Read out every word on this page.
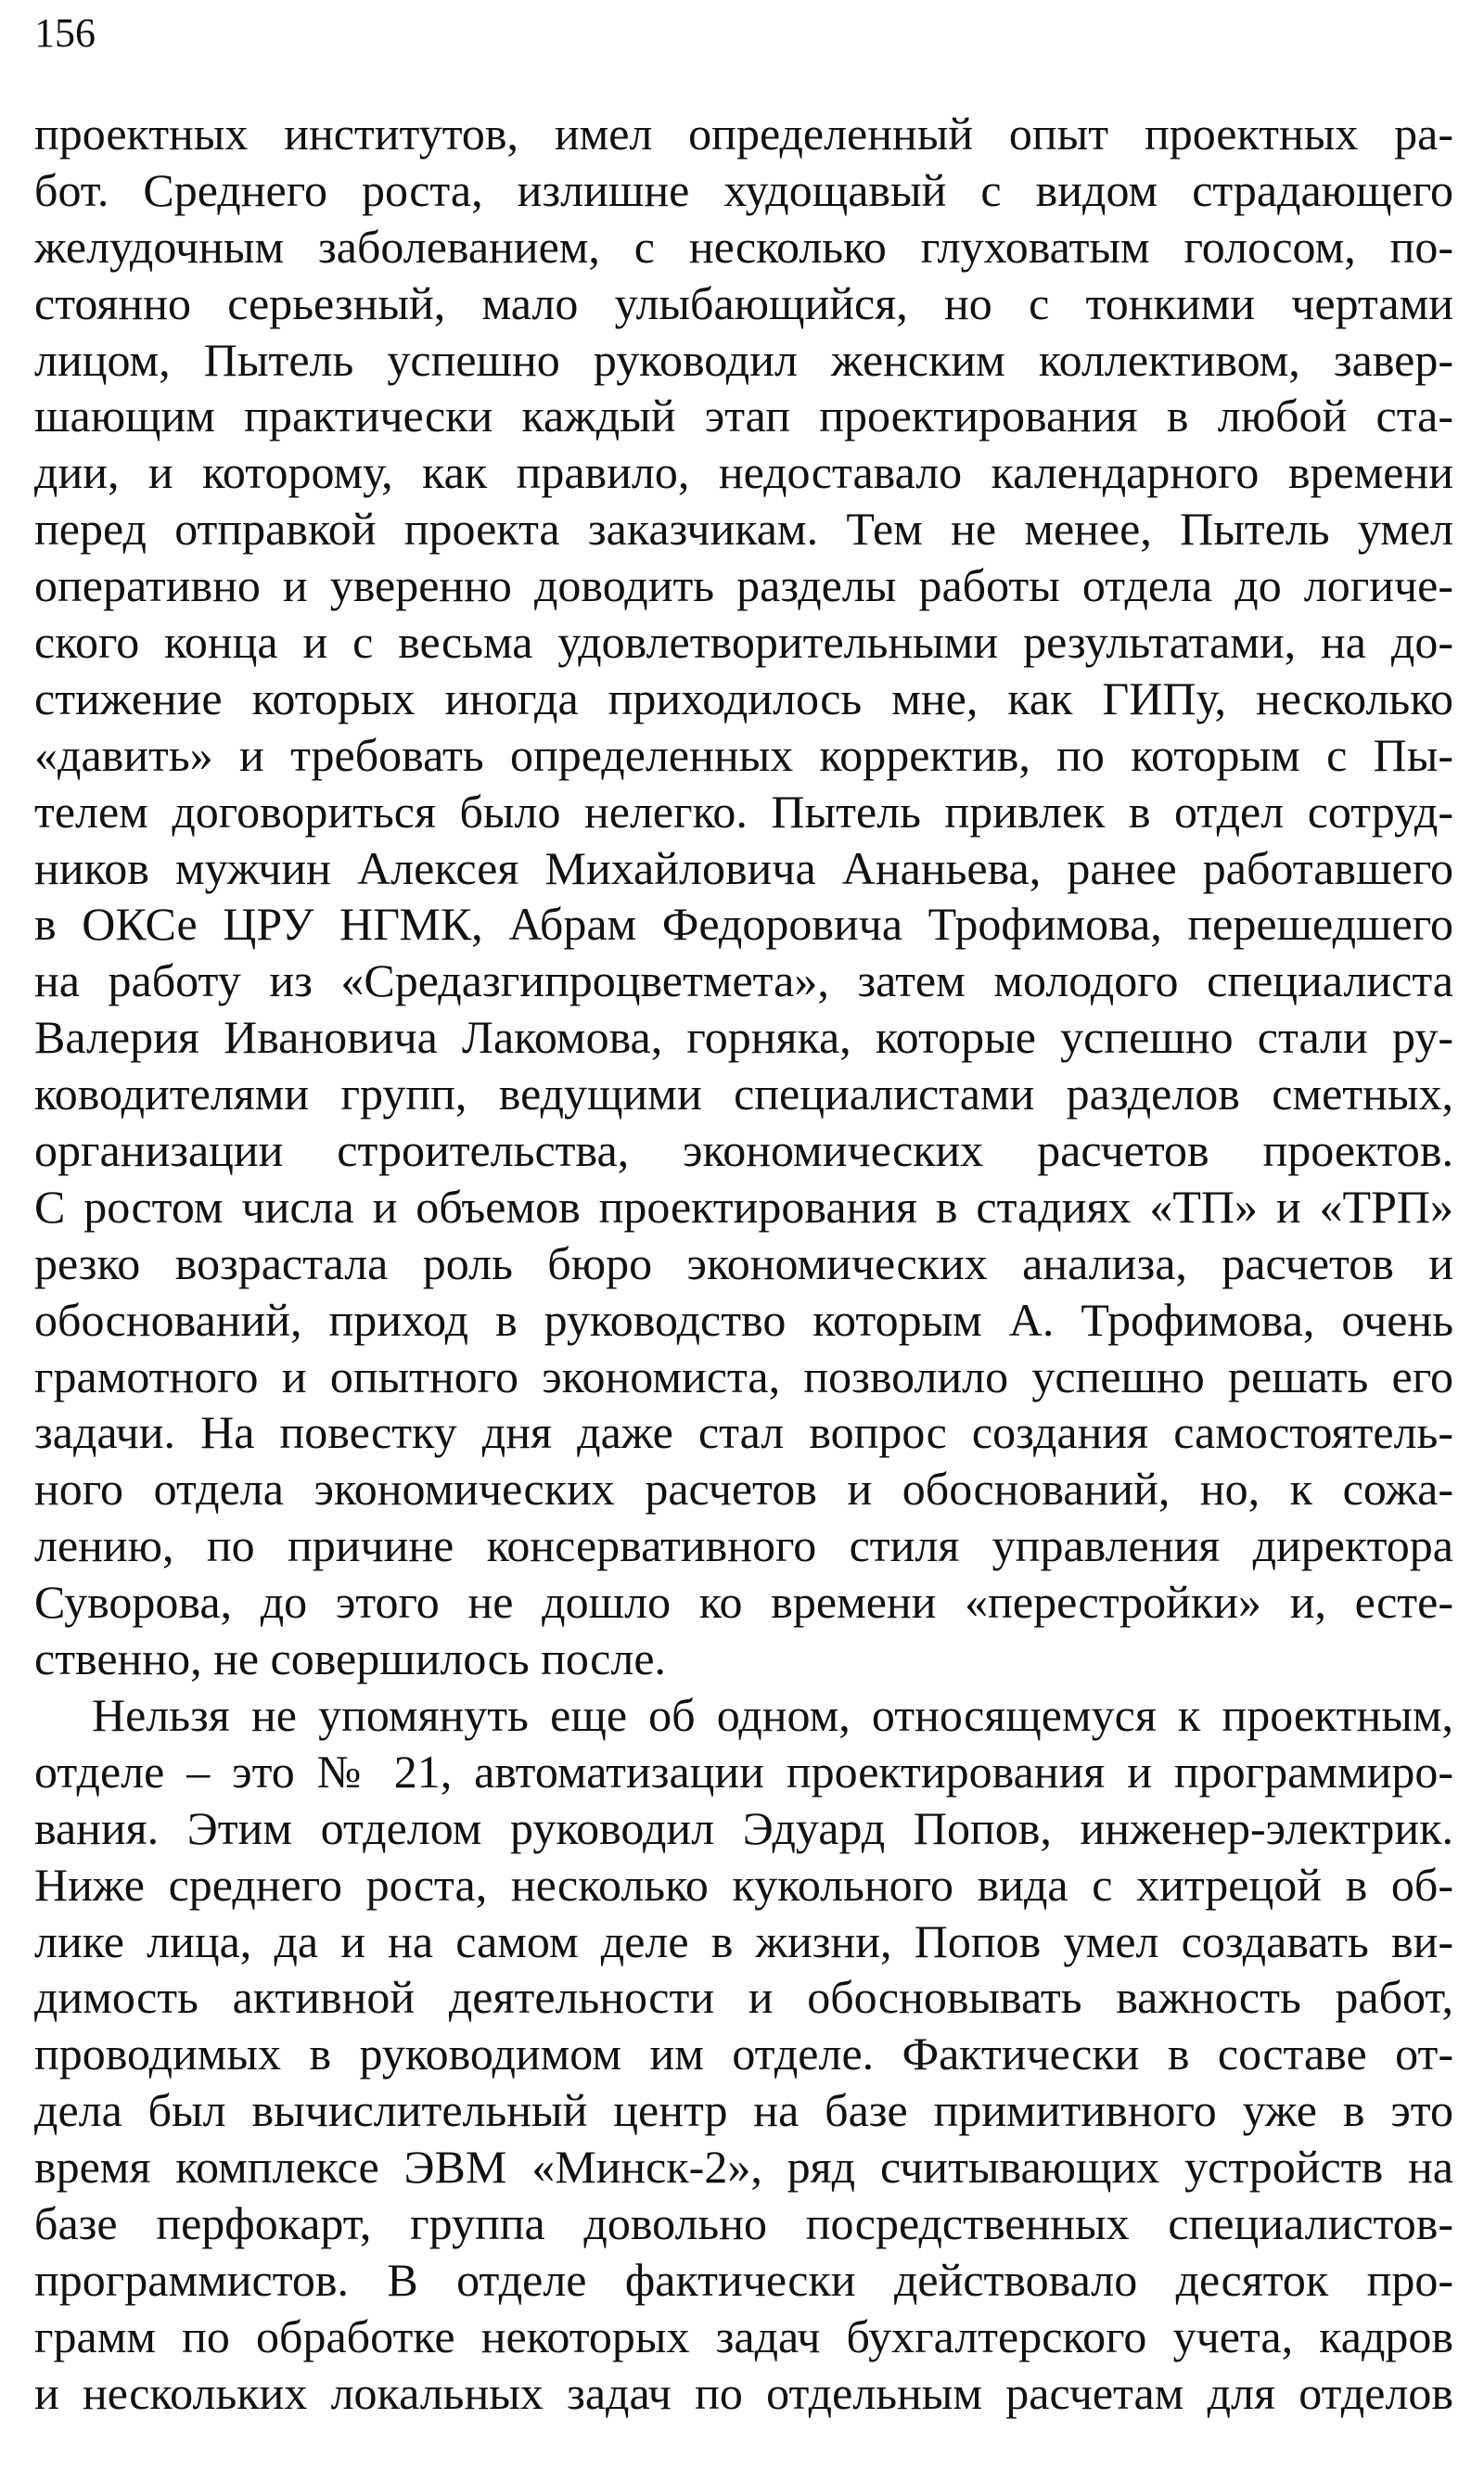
156
проектных институтов, имел определенный опыт проектных ра-
бот. Среднего роста, излишне худощавый с видом страдающего
желудочным заболеванием, с несколько глуховатым голосом, по-
стоянно серьезный, мало улыбающийся, но с тонкими чертами
лицом, Пытель успешно руководил женским коллективом, завер-
шающим практически каждый этап проектирования в любой ста-
дии, и которому, как правило, недоставало календарного времени
перед отправкой проекта заказчикам. Тем не менее, Пытель умел
оперативно и уверенно доводить разделы работы отдела до логиче-
ского конца и с весьма удовлетворительными результатами, на до-
стижение которых иногда приходилось мне, как ГИПу, несколько
«давить» и требовать определенных корректив, по которым с Пы-
телем договориться было нелегко. Пытель привлек в отдел сотруд-
ников мужчин Алексея Михайловича Ананьева, ранее работавшего
в ОКСе ЦРУ НГМК, Абрам Федоровича Трофимова, перешедшего
на работу из «Средазгипроцветмета», затем молодого специалиста
Валерия Ивановича Лакомова, горняка, которые успешно стали ру-
ководителями групп, ведущими специалистами разделов сметных,
организации строительства, экономических расчетов проектов.
С ростом числа и объемов проектирования в стадиях «ТП» и «ТРП»
резко возрастала роль бюро экономических анализа, расчетов и
обоснований, приход в руководство которым А. Трофимова, очень
грамотного и опытного экономиста, позволило успешно решать его
задачи. На повестку дня даже стал вопрос создания самостоятель-
ного отдела экономических расчетов и обоснований, но, к сожа-
лению, по причине консервативного стиля управления директора
Суворова, до этого не дошло ко времени «перестройки» и, есте-
ственно, не совершилось после.
Нельзя не упомянуть еще об одном, относящемуся к проектным,
отделе – это № 21, автоматизации проектирования и программиро-
вания. Этим отделом руководил Эдуард Попов, инженер-электрик.
Ниже среднего роста, несколько кукольного вида с хитрецой в об-
лике лица, да и на самом деле в жизни, Попов умел создавать ви-
димость активной деятельности и обосновывать важность работ,
проводимых в руководимом им отделе. Фактически в составе от-
дела был вычислительный центр на базе примитивного уже в это
время комплексе ЭВМ «Минск-2», ряд считывающих устройств на
базе перфокарт, группа довольно посредственных специалистов-
программистов. В отделе фактически действовало десяток про-
грамм по обработке некоторых задач бухгалтерского учета, кадров
и нескольких локальных задач по отдельным расчетам для отделов
